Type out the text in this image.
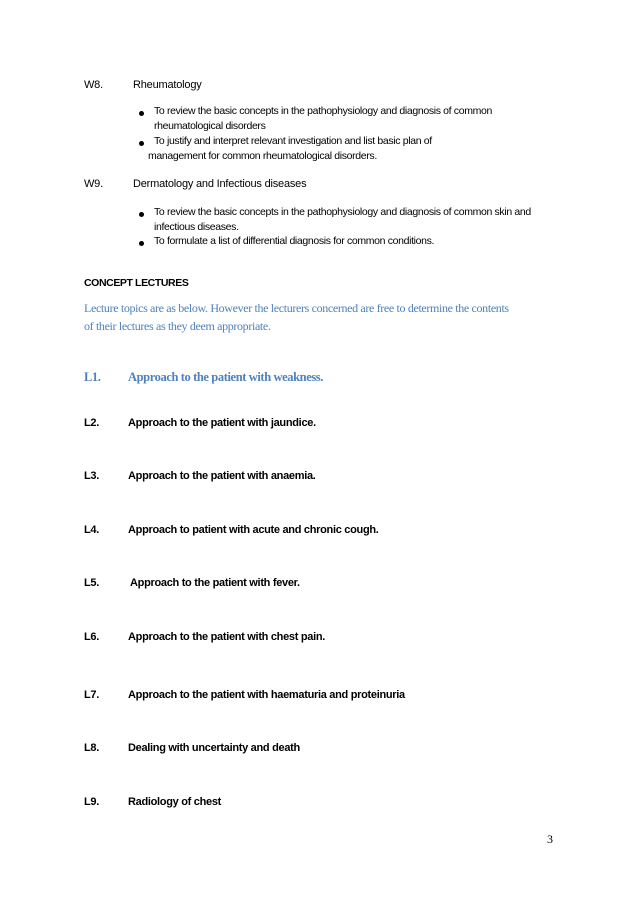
W8.	Rheumatology
To review the basic concepts in the pathophysiology and diagnosis of common
rheumatological disorders
To justify and interpret relevant investigation and list basic plan of
management for common rheumatological disorders.
W9.	Dermatology and Infectious diseases
To review the basic concepts in the pathophysiology and diagnosis of common skin and
infectious diseases.
To formulate a list of differential diagnosis for common conditions.
CONCEPT LECTURES
Lecture topics are as below. However the lecturers concerned are free to determine the contents
of their lectures as they deem appropriate.
L1. Approach to the patient with weakness.
L2.	Approach to the patient with jaundice.
L3.	Approach to the patient with anaemia.
L4.	Approach to patient with acute and chronic cough.
L5.	Approach to the patient with fever.
L6.	Approach to the patient with chest pain.
L7.	Approach to the patient with haematuria and proteinuria
L8.	Dealing with uncertainty and death
L9.	Radiology of chest
3
